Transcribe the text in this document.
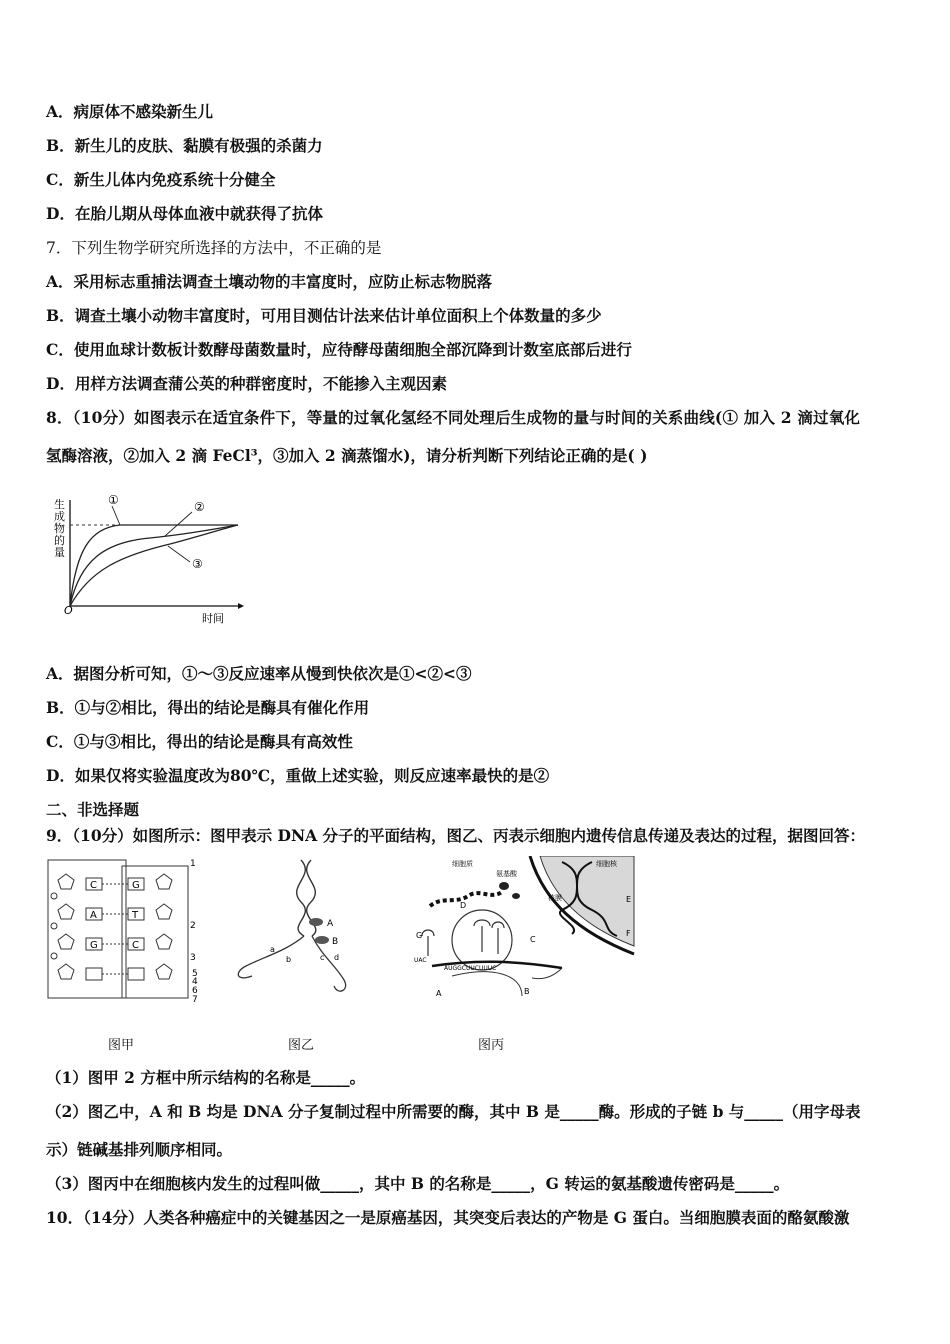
A．病原体不感染新生儿
B．新生儿的皮肤、黏膜有极强的杀菌力
C．新生儿体内免疫系统十分健全
D．在胎儿期从母体血液中就获得了抗体
7．下列生物学研究所选择的方法中，不正确的是
A．采用标志重捕法调查土壤动物的丰富度时，应防止标志物脱落
B．调查土壤小动物丰富度时，可用目测估计法来估计单位面积上个体数量的多少
C．使用血球计数板计数酵母菌数量时，应待酵母菌细胞全部沉降到计数室底部后进行
D．用样方法调查蒲公英的种群密度时，不能掺入主观因素
8．（10分）如图表示在适宜条件下，等量的过氧化氢经不同处理后生成物的量与时间的关系曲线(① 加入 2 滴过氧化
氢酶溶液，②加入 2 滴 FeCl³，③加入 2 滴蒸馏水)，请分析判断下列结论正确的是( )
①	②
③
生
成
物
的
量
O
时间
A．据图分析可知，①～③反应速率从慢到快依次是①<②<③
B．①与②相比，得出的结论是酶具有催化作用
C．①与③相比，得出的结论是酶具有高效性
D．如果仅将实验温度改为80℃，重做上述实验，则反应速率最快的是②
二、非选择题
9．（10分）如图所示：图甲表示 DNA 分子的平面结构，图乙、丙表示细胞内遗传信息传递及表达的过程，据图回答：
C
A
G
G
T
C
1
2
3
4
5
6
7
图甲
A
B
a
b	c d
图乙
细胞质
氨基酸
核膜
细胞核
D
G	C
E
F
A	B
UAC
AUGGCUUCUUUC
图丙
（1）图甲 2 方框中所示结构的名称是_____。
（2）图乙中，A 和 B 均是 DNA 分子复制过程中所需要的酶，其中 B 是_____酶。形成的子链 b 与_____（用字母表
示）链碱基排列顺序相同。
（3）图丙中在细胞核内发生的过程叫做_____，其中 B 的名称是_____，G 转运的氨基酸遗传密码是_____。
10．（14分）人类各种癌症中的关键基因之一是原癌基因，其突变后表达的产物是 G 蛋白。当细胞膜表面的酪氨酸激
